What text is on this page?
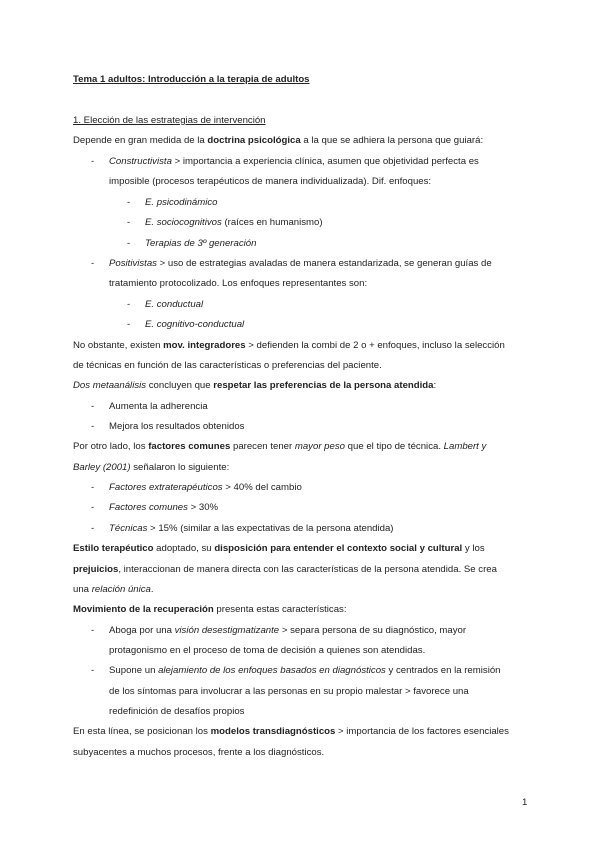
Tema 1 adultos: Introducción a la terapia de adultos
1. Elección de las estrategias de intervención
Depende en gran medida de la doctrina psicológica a la que se adhiera la persona que guiará:
- Constructivista > importancia a experiencia clínica, asumen que objetividad perfecta es
imposible (procesos terapéuticos de manera individualizada). Dif. enfoques:
- E. psicodinámico
- E. sociocognitivos (raíces en humanismo)
- Terapias de 3º generación
- Positivistas > uso de estrategias avaladas de manera estandarizada, se generan guías de
tratamiento protocolizado. Los enfoques representantes son:
- E. conductual
- E. cognitivo-conductual
No obstante, existen mov. integradores > defienden la combi de 2 o + enfoques, incluso la selección
de técnicas en función de las características o preferencias del paciente.
Dos metaanálisis concluyen que respetar las preferencias de la persona atendida:
- Aumenta la adherencia
- Mejora los resultados obtenidos
Por otro lado, los factores comunes parecen tener mayor peso que el tipo de técnica. Lambert y
Barley (2001) señalaron lo siguiente:
- Factores extraterapéuticos > 40% del cambio
- Factores comunes > 30%
- Técnicas > 15% (similar a las expectativas de la persona atendida)
Estilo terapéutico adoptado, su disposición para entender el contexto social y cultural y los
prejuicios, interaccionan de manera directa con las características de la persona atendida. Se crea
una relación única.
Movimiento de la recuperación presenta estas características:
- Aboga por una visión desestigmatizante > separa persona de su diagnóstico, mayor
protagonismo en el proceso de toma de decisión a quienes son atendidas.
- Supone un alejamiento de los enfoques basados en diagnósticos y centrados en la remisión
de los síntomas para involucrar a las personas en su propio malestar > favorece una
redefinición de desafíos propios
En esta línea, se posicionan los modelos transdiagnósticos > importancia de los factores esenciales
subyacentes a muchos procesos, frente a los diagnósticos.
1
